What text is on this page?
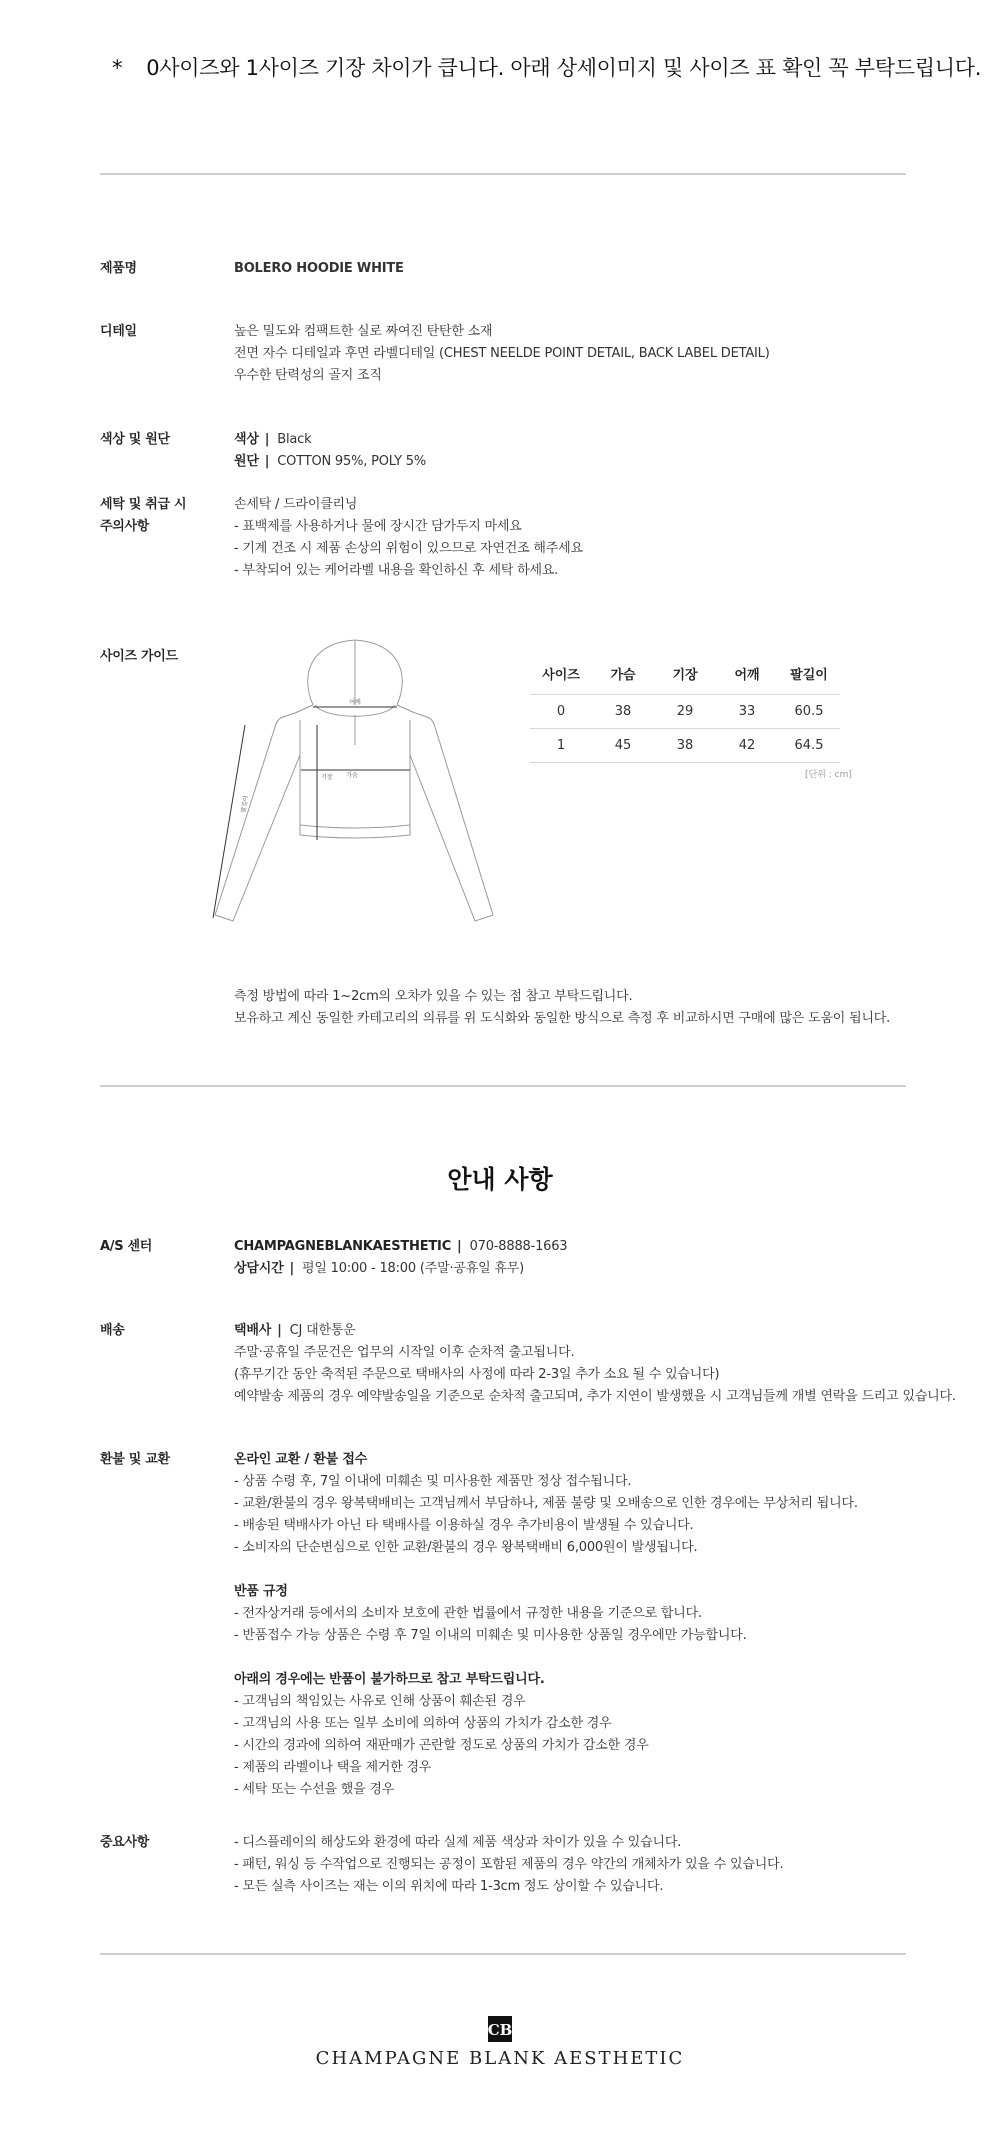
* 0사이즈와 1사이즈 기장 차이가 큽니다. 아래 상세이미지 및 사이즈 표 확인 꼭 부탁드립니다.
제품명	BOLERO HOODIE WHITE
디테일	높은 밀도와 컴팩트한 실로 짜여진 탄탄한 소재
전면 자수 디테일과 후면 라벨디테일 (CHEST NEELDE POINT DETAIL, BACK LABEL DETAIL)
우수한 탄력성의 골지 조직
색상 및 원단	색상 | Black
원단 | COTTON 95%, POLY 5%
세탁 및 취급 시
주의사항
손세탁 / 드라이클리닝
- 표백제를 사용하거나 물에 장시간 담가두지 마세요
- 기계 건조 시 제품 손상의 위험이 있으므로 자연건조 해주세요
- 부착되어 있는 케어라벨 내용을 확인하신 후 세탁 하세요.
사이즈 가이드
어깨
기장 가슴
팔길이
사이즈	가슴	기장	어깨	팔길이
0	38	29	33	60.5
1	45	38	42	64.5
[단위 : cm]
측정 방법에 따라 1~2cm의 오차가 있을 수 있는 점 참고 부탁드립니다.
보유하고 계신 동일한 카테고리의 의류를 위 도식화와 동일한 방식으로 측정 후 비교하시면 구매에 많은 도움이 됩니다.
안내 사항
A/S 센터	CHAMPAGNEBLANKAESTHETIC | 070-8888-1663
상담시간 | 평일 10:00 - 18:00 (주말·공휴일 휴무)
배송	택배사 | CJ 대한통운
주말·공휴일 주문건은 업무의 시작일 이후 순차적 출고됩니다.
(휴무기간 동안 축적된 주문으로 택배사의 사정에 따라 2-3일 추가 소요 될 수 있습니다)
예약발송 제품의 경우 예약발송일을 기준으로 순차적 출고되며, 추가 지연이 발생했을 시 고객님들께 개별 연락을 드리고 있습니다.
환불 및 교환	온라인 교환 / 환불 접수
- 상품 수령 후, 7일 이내에 미훼손 및 미사용한 제품만 정상 접수됩니다.
- 교환/환불의 경우 왕복택배비는 고객님께서 부담하나, 제품 불량 및 오배송으로 인한 경우에는 무상처리 됩니다.
- 배송된 택배사가 아닌 타 택배사를 이용하실 경우 추가비용이 발생될 수 있습니다.
- 소비자의 단순변심으로 인한 교환/환불의 경우 왕복택배비 6,000원이 발생됩니다.
반품 규정
- 전자상거래 등에서의 소비자 보호에 관한 법률에서 규정한 내용을 기준으로 합니다.
- 반품접수 가능 상품은 수령 후 7일 이내의 미훼손 및 미사용한 상품일 경우에만 가능합니다.
아래의 경우에는 반품이 불가하므로 참고 부탁드립니다.
- 고객님의 책임있는 사유로 인해 상품이 훼손된 경우
- 고객님의 사용 또는 일부 소비에 의하여 상품의 가치가 감소한 경우
- 시간의 경과에 의하여 재판매가 곤란할 정도로 상품의 가치가 감소한 경우
- 제품의 라벨이나 택을 제거한 경우
- 세탁 또는 수선을 했을 경우
중요사항	- 디스플레이의 해상도와 환경에 따라 실제 제품 색상과 차이가 있을 수 있습니다.
- 패턴, 워싱 등 수작업으로 진행되는 공정이 포함된 제품의 경우 약간의 개체차가 있을 수 있습니다.
- 모든 실측 사이즈는 재는 이의 위치에 따라 1-3cm 정도 상이할 수 있습니다.
CB
CHAMPAGNE BLANK AESTHETIC
